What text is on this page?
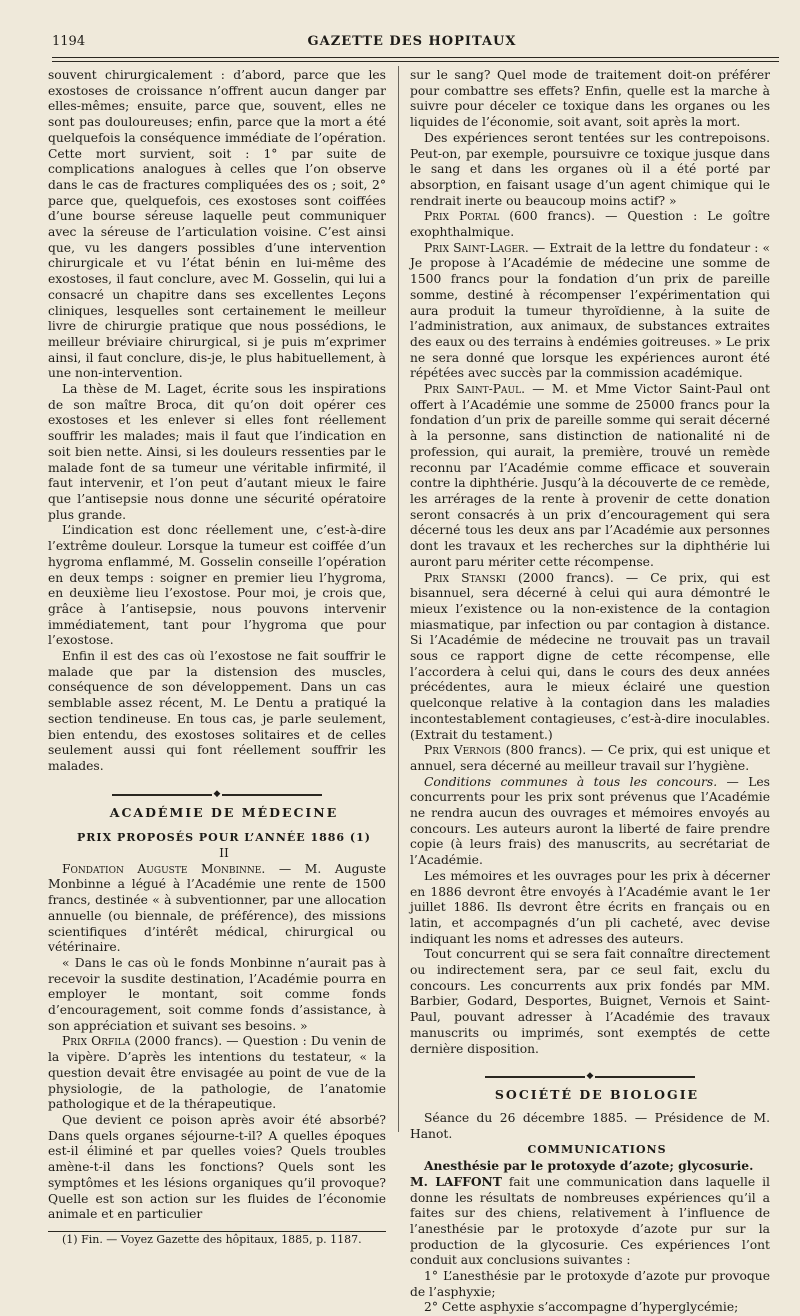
1194	GAZETTE DES HOPITAUX

souvent chirurgicalement : d’abord, parce que les exostoses de croissance n’offrent aucun danger par elles-mêmes; ensuite, parce que, souvent, elles ne sont pas douloureuses; enfin, parce que la mort a été quelquefois la conséquence immédiate de l’opération. Cette mort survient, soit : 1° par suite de complications analogues à celles que l’on observe dans le cas de fractures compliquées des os ; soit, 2° parce que, quelquefois, ces exostoses sont coiffées d’une bourse séreuse laquelle peut communiquer avec la séreuse de l’articulation voisine. C’est ainsi que, vu les dangers possibles d’une intervention chirurgicale et vu l’état bénin en lui-même des exostoses, il faut conclure, avec M. Gosselin, qui lui a consacré un chapitre dans ses excellentes Leçons cliniques, lesquelles sont certainement le meilleur livre de chirurgie pratique que nous possédions, le meilleur bréviaire chirurgical, si je puis m’exprimer ainsi, il faut conclure, dis-je, le plus habituellement, à une non-intervention.

La thèse de M. Laget, écrite sous les inspirations de son maître Broca, dit qu’on doit opérer ces exostoses et les enlever si elles font réellement souffrir les malades; mais il faut que l’indication en soit bien nette. Ainsi, si les douleurs ressenties par le malade font de sa tumeur une véritable infirmité, il faut intervenir, et l’on peut d’autant mieux le faire que l’antisepsie nous donne une sécurité opératoire plus grande.

L’indication est donc réellement une, c’est-à-dire l’extrême douleur. Lorsque la tumeur est coiffée d’un hygroma enflammé, M. Gosselin conseille l’opération en deux temps : soigner en premier lieu l’hygroma, en deuxième lieu l’exostose. Pour moi, je crois que, grâce à l’antisepsie, nous pouvons intervenir immédiatement, tant pour l’hygroma que pour l’exostose.

Enfin il est des cas où l’exostose ne fait souffrir le malade que par la distension des muscles, conséquence de son développement. Dans un cas semblable assez récent, M. Le Dentu a pratiqué la section tendineuse. En tous cas, je parle seulement, bien entendu, des exostoses solitaires et de celles seulement aussi qui font réellement souffrir les malades.

◆

ACADÉMIE DE MÉDECINE

PRIX PROPOSÉS POUR L’ANNÉE 1886 (1)

II

Fondation Auguste Monbinne. — M. Auguste Monbinne a légué à l’Académie une rente de 1500 francs, destinée « à subventionner, par une allocation annuelle (ou biennale, de préférence), des missions scientifiques d’intérêt médical, chirurgical ou vétérinaire.

« Dans le cas où le fonds Monbinne n’aurait pas à recevoir la susdite destination, l’Académie pourra en employer le montant, soit comme fonds d’encouragement, soit comme fonds d’assistance, à son appréciation et suivant ses besoins. »

Prix Orfila (2000 francs). — Question : Du venin de la vipère. D’après les intentions du testateur, « la question devait être envisagée au point de vue de la physiologie, de la pathologie, de l’anatomie pathologique et de la thérapeutique.

Que devient ce poison après avoir été absorbé? Dans quels organes séjourne-t-il? A quelles époques est-il éliminé et par quelles voies? Quels troubles amène-t-il dans les fonctions? Quels sont les symptômes et les lésions organiques qu’il provoque? Quelle est son action sur les fluides de l’économie animale et en particulier

(1) Fin. — Voyez Gazette des hôpitaux, 1885, p. 1187.

sur le sang? Quel mode de traitement doit-on préférer pour combattre ses effets? Enfin, quelle est la marche à suivre pour déceler ce toxique dans les organes ou les liquides de l’économie, soit avant, soit après la mort.

Des expériences seront tentées sur les contrepoisons. Peut-on, par exemple, poursuivre ce toxique jusque dans le sang et dans les organes où il a été porté par absorption, en faisant usage d’un agent chimique qui le rendrait inerte ou beaucoup moins actif? »

Prix Portal (600 francs). — Question : Le goître exophthalmique.

Prix Saint-Lager. — Extrait de la lettre du fondateur : « Je propose à l’Académie de médecine une somme de 1500 francs pour la fondation d’un prix de pareille somme, destiné à récompenser l’expérimentation qui aura produit la tumeur thyroïdienne, à la suite de l’administration, aux animaux, de substances extraites des eaux ou des terrains à endémies goitreuses. » Le prix ne sera donné que lorsque les expériences auront été répétées avec succès par la commission académique.

Prix Saint-Paul. — M. et Mme Victor Saint-Paul ont offert à l’Académie une somme de 25000 francs pour la fondation d’un prix de pareille somme qui serait décerné à la personne, sans distinction de nationalité ni de profession, qui aurait, la première, trouvé un remède reconnu par l’Académie comme efficace et souverain contre la diphthérie. Jusqu’à la découverte de ce remède, les arrérages de la rente à provenir de cette donation seront consacrés à un prix d’encouragement qui sera décerné tous les deux ans par l’Académie aux personnes dont les travaux et les recherches sur la diphthérie lui auront paru mériter cette récompense.

Prix Stanski (2000 francs). — Ce prix, qui est bisannuel, sera décerné à celui qui aura démontré le mieux l’existence ou la non-existence de la contagion miasmatique, par infection ou par contagion à distance. Si l’Académie de médecine ne trouvait pas un travail sous ce rapport digne de cette récompense, elle l’accordera à celui qui, dans le cours des deux années précédentes, aura le mieux éclairé une question quelconque relative à la contagion dans les maladies incontestablement contagieuses, c’est-à-dire inoculables. (Extrait du testament.)

Prix Vernois (800 francs). — Ce prix, qui est unique et annuel, sera décerné au meilleur travail sur l’hygiène.

Conditions communes à tous les concours. — Les concurrents pour les prix sont prévenus que l’Académie ne rendra aucun des ouvrages et mémoires envoyés au concours. Les auteurs auront la liberté de faire prendre copie (à leurs frais) des manuscrits, au secrétariat de l’Académie.

Les mémoires et les ouvrages pour les prix à décerner en 1886 devront être envoyés à l’Académie avant le 1er juillet 1886. Ils devront être écrits en français ou en latin, et accompagnés d’un pli cacheté, avec devise indiquant les noms et adresses des auteurs.

Tout concurrent qui se sera fait connaître directement ou indirectement sera, par ce seul fait, exclu du concours. Les concurrents aux prix fondés par MM. Barbier, Godard, Desportes, Buignet, Vernois et Saint-Paul, pouvant adresser à l’Académie des travaux manuscrits ou imprimés, sont exemptés de cette dernière disposition.

◆

SOCIÉTÉ DE BIOLOGIE

Séance du 26 décembre 1885. — Présidence de M. Hanot.

COMMUNICATIONS

Anesthésie par le protoxyde d’azote; glycosurie.

M. LAFFONT fait une communication dans laquelle il donne les résultats de nombreuses expériences qu’il a faites sur des chiens, relativement à l’influence de l’anesthésie par le protoxyde d’azote pur sur la production de la glycosurie. Ces expériences l’ont conduit aux conclusions suivantes :

1° L’anesthésie par le protoxyde d’azote pur provoque de l’asphyxie;

2° Cette asphyxie s’accompagne d’hyperglycémie;
